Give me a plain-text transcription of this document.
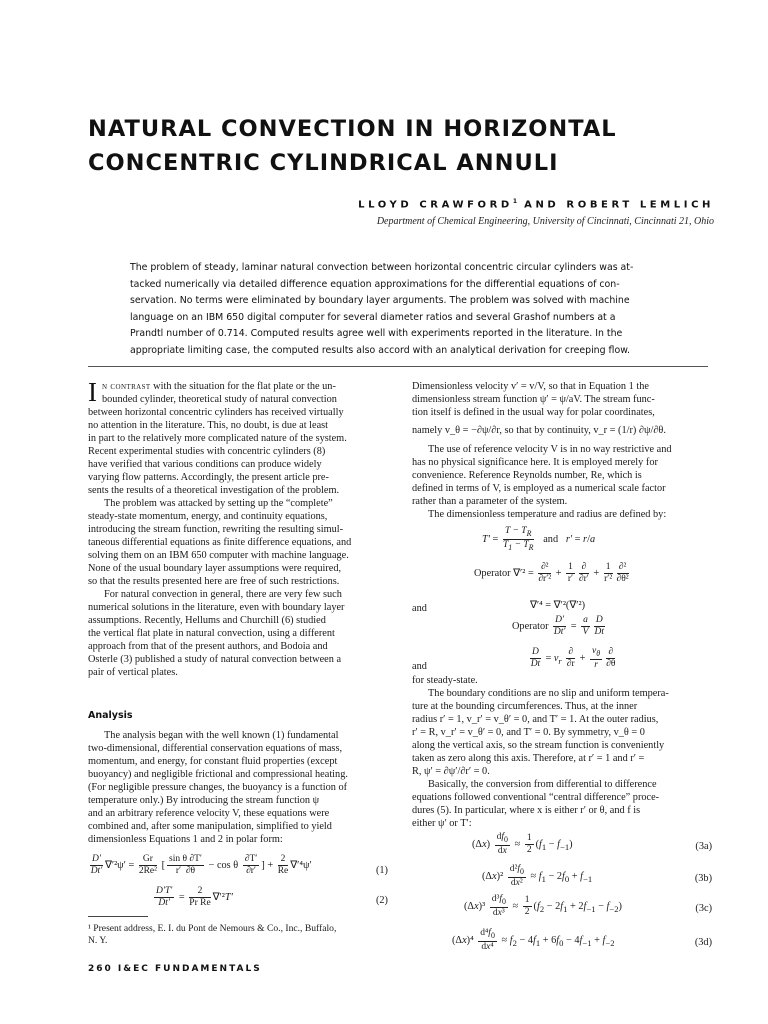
NATURAL CONVECTION IN HORIZONTAL
CONCENTRIC CYLINDRICAL ANNULI
LLOYD CRAWFORD$^1$ AND ROBERT LEMLICH
Department of Chemical Engineering, University of Cincinnati, Cincinnati 21, Ohio
The problem of steady, laminar natural convection between horizontal concentric circular cylinders was at-
tacked numerically via detailed difference equation approximations for the differential equations of con-
servation. No terms were eliminated by boundary layer arguments. The problem was solved with machine
language on an IBM 650 digital computer for several diameter ratios and several Grashof numbers at a
Prandtl number of 0.714. Computed results agree well with experiments reported in the literature. In the
appropriate limiting case, the computed results also accord with an analytical derivation for creeping flow.
I n contrast with the situation for the flat plate or the un-
bounded cylinder, theoretical study of natural convection
between horizontal concentric cylinders has received virtually
no attention in the literature. This, no doubt, is due at least
in part to the relatively more complicated nature of the system.
Recent experimental studies with concentric cylinders (8)
have verified that various conditions can produce widely
varying flow patterns. Accordingly, the present article pre-
sents the results of a theoretical investigation of the problem.
The problem was attacked by setting up the “complete”
steady-state momentum, energy, and continuity equations,
introducing the stream function, rewriting the resulting simul-
taneous differential equations as finite difference equations, and
solving them on an IBM 650 computer with machine language.
None of the usual boundary layer assumptions were required,
so that the results presented here are free of such restrictions.
For natural convection in general, there are very few such
numerical solutions in the literature, even with boundary layer
assumptions. Recently, Hellums and Churchill (6) studied
the vertical flat plate in natural convection, using a different
approach from that of the present authors, and Bodoia and
Osterle (3) published a study of natural convection between a
pair of vertical plates.
Analysis
The analysis began with the well known (1) fundamental
two-dimensional, differential conservation equations of mass,
momentum, and energy, for constant fluid properties (except
buoyancy) and negligible frictional and compressional heating.
(For negligible pressure changes, the buoyancy is a function of
temperature only.) By introducing the stream function ψ
and an arbitrary reference velocity V, these equations were
combined and, after some manipulation, simplified to yield
dimensionless Equations 1 and 2 in polar form:
$\frac{D'}{Dt'} \nabla'^2\psi' = \frac{Gr}{\text{2Re²}}$ [ $\frac{\text{sin θ ∂T′}}{r' \partial\theta} - \cos \theta \frac{\partial T'}{\partial r'}$ ] + $\frac{2}{Re} \nabla'^4\psi'$	(1)
$\frac{D'T'}{Dt'} = \frac{2}{\text{Pr Re}} \nabla'^2T'$	(2)
¹ Present address, E. I. du Pont de Nemours & Co., Inc., Buffalo,
N. Y.
Dimensionless velocity v′ = v/V, so that in Equation 1 the
dimensionless stream function ψ′ = ψ/aV. The stream func-
tion itself is defined in the usual way for polar coordinates,
namely v_θ = −∂ψ/∂r, so that by continuity, v_r = (1/r) ∂ψ/∂θ.
The use of reference velocity V is in no way restrictive and
has no physical significance here. It is employed merely for
convenience. Reference Reynolds number, Re, which is
defined in terms of V, is employed as a numerical scale factor
rather than a parameter of the system.
The dimensionless temperature and radius are defined by:
$T' = \frac{T - T_R}{T_1 - T_R}$ and   r′ = r/a
Operator $\nabla'^2 = \frac{\text{∂²}}{\text{∂r′²}} + \frac{1}{r'} \frac{\partial}{\partial r'} + \frac{1}{\text{r′²}} \frac{\text{∂²}}{\text{∂θ²}}$
and	∇′⁴ = ∇′²(∇′²)
Operator $\frac{D'}{Dt'} = \frac{a}{V} \frac{D}{Dt}$
and	$\frac{D}{Dt} = v_r \frac{\partial}{\partial r} + \frac{v_\theta}{r} \frac{\partial}{\partial\theta}$
for steady-state.
The boundary conditions are no slip and uniform tempera-
ture at the bounding circumferences. Thus, at the inner
radius r′ = 1, v_r′ = v_θ′ = 0, and T′ = 1. At the outer radius,
r′ = R, v_r′ = v_θ′ = 0, and T′ = 0. By symmetry, v_θ = 0
along the vertical axis, so the stream function is conveniently
taken as zero along this axis. Therefore, at r′ = 1 and r′ =
R, ψ′ = ∂ψ′/∂r′ = 0.
Basically, the conversion from differential to difference
equations followed conventional “central difference” proce-
dures (5). In particular, where x is either r′ or θ, and f is
either ψ′ or T′:
$(\Delta x) \frac{df_0}{dx} \approx \frac{1}{2} (f_1 - f_{-1})$	(3a)
$(\Delta x)^2 \frac{d^2f_0}{\text{dx²}} \approx f_1 - 2f_0 + f_{-1}$	(3b)
$(\Delta x)^3 \frac{d^3f_0}{\text{dx³}} \approx \frac{1}{2} (f_2 - 2f_1 + 2f_{-1} - f_{-2})$	(3c)
$(\Delta x)^4 \frac{d^4f_0}{\text{dx⁴}} \approx f_2 - 4f_1 + 6f_0 - 4f_{-1} + f_{-2}$	(3d)
260 I&EC FUNDAMENTALS
